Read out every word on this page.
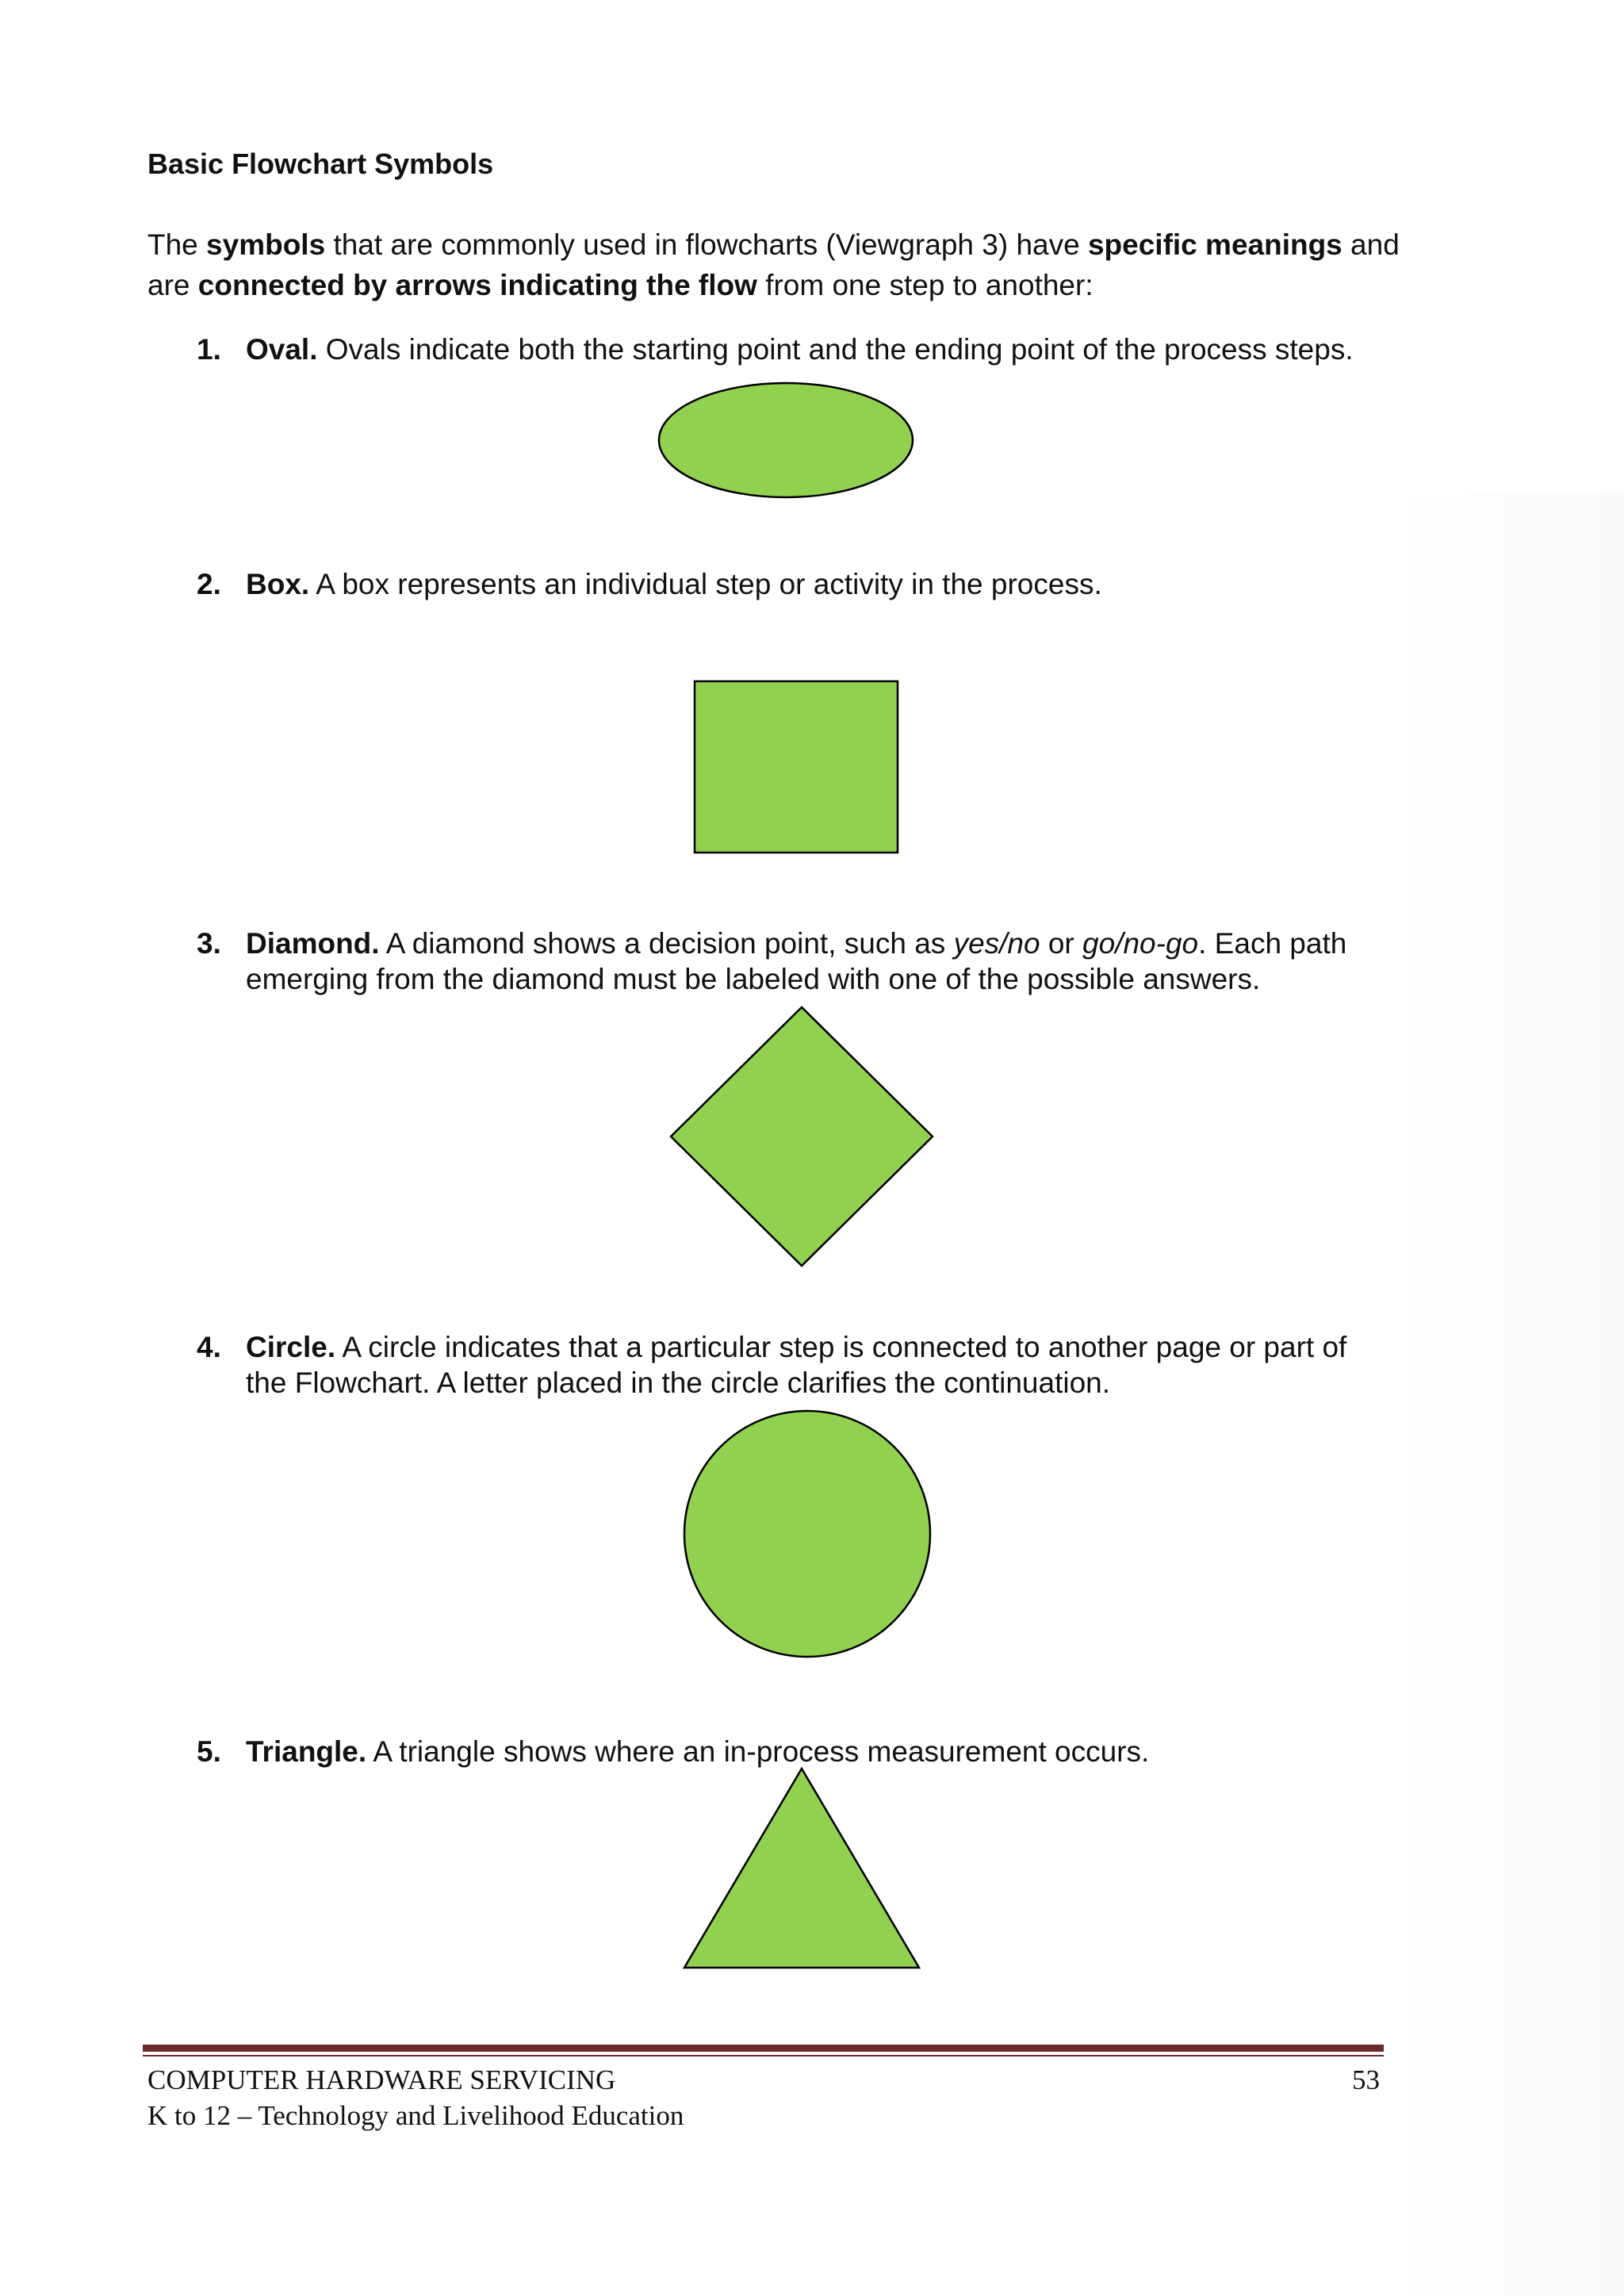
Basic Flowchart Symbols

The symbols that are commonly used in flowcharts (Viewgraph 3) have specific meanings and are connected by arrows indicating the flow from one step to another:

1. Oval. Ovals indicate both the starting point and the ending point of the process steps.
2. Box. A box represents an individual step or activity in the process.
3. Diamond. A diamond shows a decision point, such as yes/no or go/no-go. Each path emerging from the diamond must be labeled with one of the possible answers.
4. Circle. A circle indicates that a particular step is connected to another page or part of the Flowchart. A letter placed in the circle clarifies the continuation.
5. Triangle. A triangle shows where an in-process measurement occurs.
COMPUTER HARDWARE SERVICING
K to 12 – Technology and Livelihood Education
53
